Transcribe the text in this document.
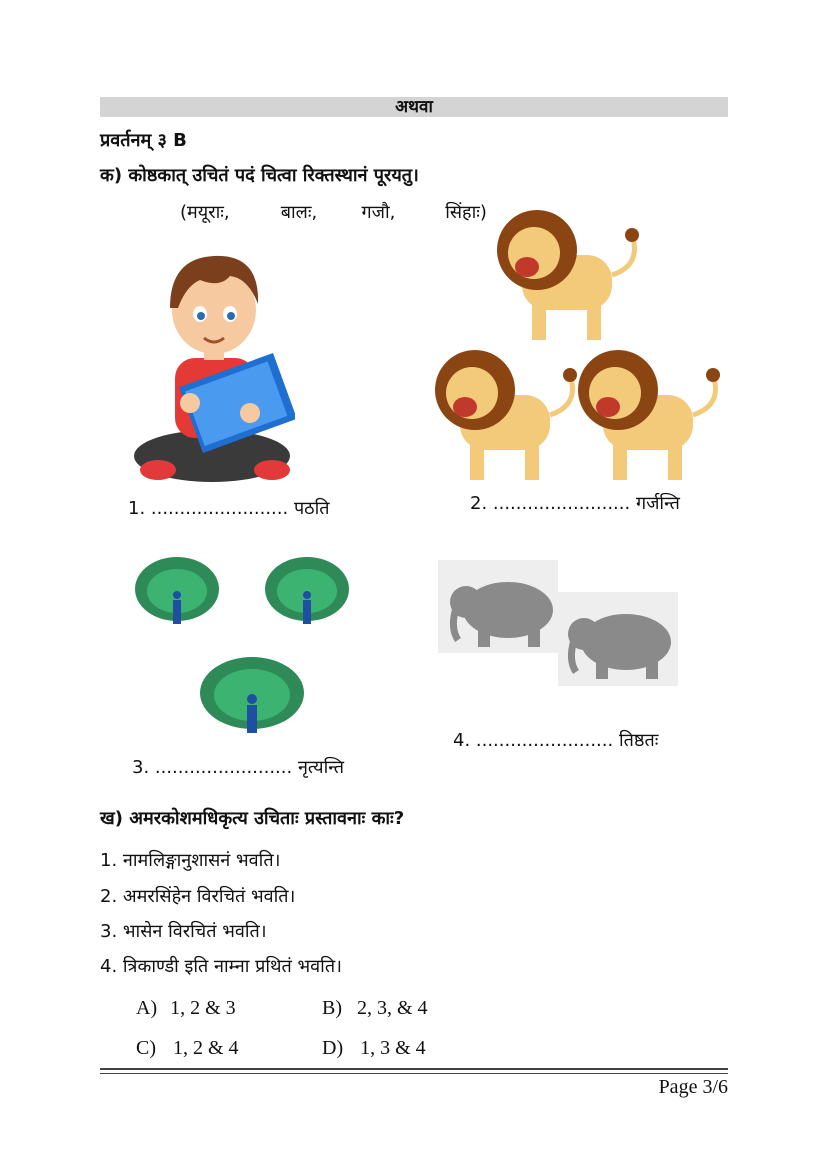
अथवा
प्रवर्तनम् ३ B
क) कोष्ठकात् उचितं पदं चित्वा रिक्तस्थानं पूरयतु।
(मयूराः,	बालः, गजौ,	सिंहाः)
1. ........................ पठति	2. ........................ गर्जन्ति
4. ........................ तिष्ठतः
3. ........................ नृत्यन्ति
ख) अमरकोशमधिकृत्य उचिताः प्रस्तावनाः काः?
1. नामलिङ्गानुशासनं भवति।
2. अमरसिंहेन विरचितं भवति।
3. भासेन विरचितं भवति।
4. त्रिकाण्डी इति नाम्ना प्रथितं भवति।
A) 1, 2 & 3	B) 2, 3, & 4
C) 1, 2 & 4	D) 1, 3 & 4
Page 3/6
